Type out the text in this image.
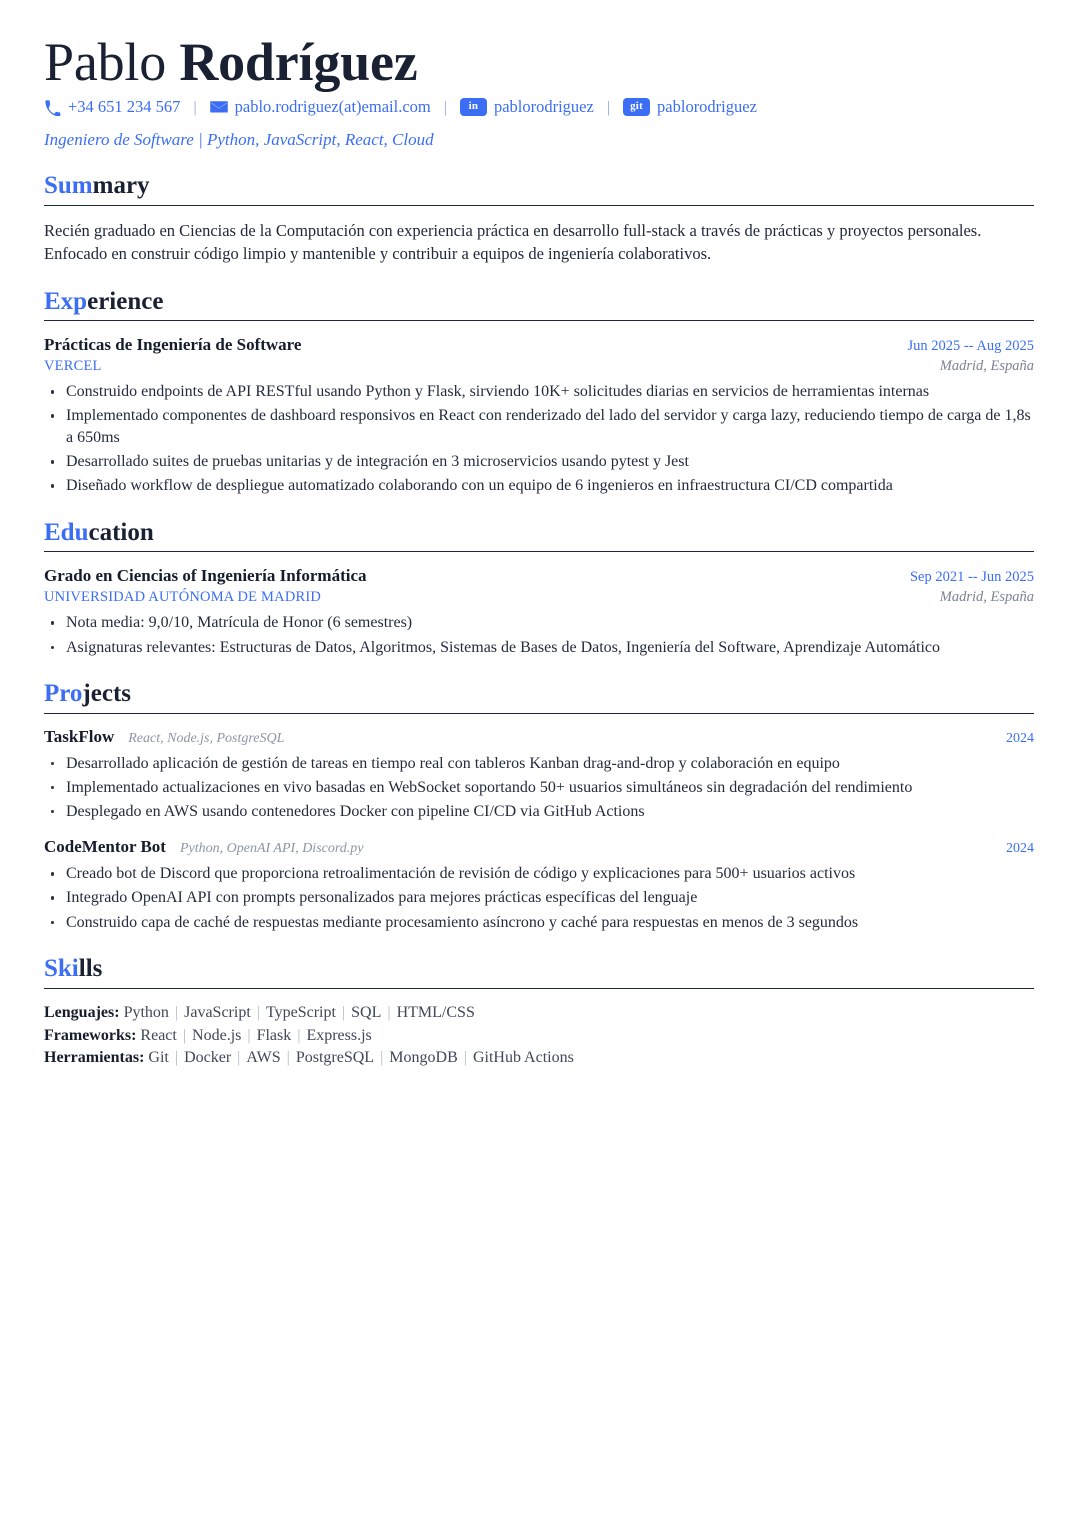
Pablo Rodríguez
+34 651 234 567 |	pablo.rodriguez(at)email.com |	in pablorodriguez |	git pablorodriguez
Ingeniero de Software | Python, JavaScript, React, Cloud
Summary

Recién graduado en Ciencias de la Computación con experiencia práctica en desarrollo full-stack a través de prácticas y proyectos personales. Enfocado en construir código limpio y mantenible y contribuir a equipos de ingeniería colaborativos.

Experience
Prácticas de Ingeniería de Software	Jun 2025 -- Aug 2025
VERCEL	Madrid, España
Construido endpoints de API RESTful usando Python y Flask, sirviendo 10K+ solicitudes diarias en servicios de herramientas internas
Implementado componentes de dashboard responsivos en React con renderizado del lado del servidor y carga lazy, reduciendo tiempo de carga de 1,8s a 650ms
Desarrollado suites de pruebas unitarias y de integración en 3 microservicios usando pytest y Jest
Diseñado workflow de despliegue automatizado colaborando con un equipo de 6 ingenieros en infraestructura CI/CD compartida
Education
Grado en Ciencias of Ingeniería Informática	Sep 2021 -- Jun 2025
UNIVERSIDAD AUTÓNOMA DE MADRID	Madrid, España
Nota media: 9,0/10, Matrícula de Honor (6 semestres)
Asignaturas relevantes: Estructuras de Datos, Algoritmos, Sistemas de Bases de Datos, Ingeniería del Software, Aprendizaje Automático
Projects
TaskFlow React, Node.js, PostgreSQL	2024
Desarrollado aplicación de gestión de tareas en tiempo real con tableros Kanban drag-and-drop y colaboración en equipo
Implementado actualizaciones en vivo basadas en WebSocket soportando 50+ usuarios simultáneos sin degradación del rendimiento
Desplegado en AWS usando contenedores Docker con pipeline CI/CD via GitHub Actions
CodeMentor Bot Python, OpenAI API, Discord.py	2024
Creado bot de Discord que proporciona retroalimentación de revisión de código y explicaciones para 500+ usuarios activos
Integrado OpenAI API con prompts personalizados para mejores prácticas específicas del lenguaje
Construido capa de caché de respuestas mediante procesamiento asíncrono y caché para respuestas en menos de 3 segundos
Skills
Lenguajes: Python | JavaScript | TypeScript | SQL | HTML/CSS
Frameworks: React | Node.js | Flask | Express.js
Herramientas: Git | Docker | AWS | PostgreSQL | MongoDB | GitHub Actions
